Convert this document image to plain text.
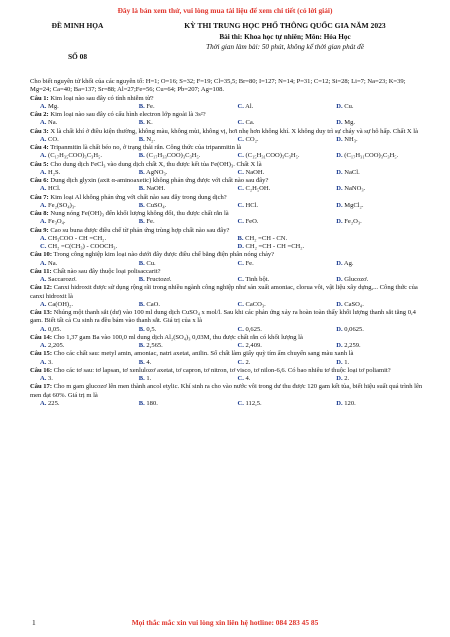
Đây là bản xem thử, vui lòng mua tài liệu để xem chi tiết (có lời giải)
ĐỀ MINH HỌA
SỐ 08
KỲ THI TRUNG HỌC PHỔ THÔNG QUỐC GIA NĂM 2023
Bài thi: Khoa học tự nhiên; Môn: Hóa Học
Thời gian làm bài: 50 phút, không kể thời gian phát đề

Cho biết nguyên tử khối của các nguyên tố: H=1; O=16; S=32; F=19; Cl=35,5; Br=80; I=127; N=14; P=31; C=12; Si=28; Li=7; Na=23; K=39; Mg=24; Ca=40; Ba=137; Sr=88; Al=27;Fe=56; Cu=64; Pb=207; Ag=108.

Câu 1: Kim loại nào sau đây có tính nhiễm từ?

A. Mg.	B. Fe.	C. Al.	D. Cu.

Câu 2: Kim loại nào sau đây có cấu hình electron lớp ngoài là 3s²?

A. Na.	B. K.	C. Ca.	D. Mg.

Câu 3: X là chất khí ở điều kiện thường, không màu, không mùi, không vị, hơi nhẹ hơn không khí. X không duy trì sự cháy và sự hô hấp. Chất X là

A. CO.	B. N₂.	C. CO₂.	D. NH₃.

Câu 4: Tripanmitin là chất béo no, ở trạng thái rắn. Công thức của tripanmitin là

A. (C₁₇H₃₅COO)₃C₃H₅.	B. (C₁₇H₃₃COO)₃C₃H₅.	C. (C₁₅H₃₁COO)₃C₃H₅.	D. (C₁₇H₃₁COO)₃C₃H₅.

Câu 5: Cho dung dịch FeCl₃ vào dung dịch chất X, thu được kết tủa Fe(OH)₃. Chất X là

A. H₂S.	B. AgNO₃.	C. NaOH.	D. NaCl.

Câu 6: Dung dịch glyxin (axit α-aminoaxetic) không phản ứng được với chất nào sau đây?

A. HCl.	B. NaOH.	C. C₂H₅OH.	D. NaNO₃.

Câu 7: Kim loại Al không phản ứng với chất nào sau đây trong dung dịch?

A. Fe₂(SO₄)₃.	B. CuSO₄.	C. HCl.	D. MgCl₂.

Câu 8: Nung nóng Fe(OH)₃ đến khối lượng không đổi, thu được chất rắn là

A. Fe₃O₄.	B. Fe.	C. FeO.	D. Fe₂O₃.

Câu 9: Cao su buna được điều chế từ phản ứng trùng hợp chất nào sau đây?

A. CH₃COO - CH =CH₂.	B. CH₂ =CH - CN.
C. CH₂ =C(CH₃) - COOCH₃.	D. CH₂ =CH - CH =CH₂.

Câu 10: Trong công nghiệp kim loại nào dưới đây được điều chế bằng điện phân nóng chảy?

A. Na.	B. Cu.	C. Fe.	D. Ag.

Câu 11: Chất nào sau đây thuộc loại polisaccarit?

A. Saccarozơ.	B. Fructozơ.	C. Tinh bột.	D. Glucozơ.

Câu 12: Canxi hidroxit được sử dụng rộng rãi trong nhiều ngành công nghiệp như sản xuất amoniac, clorua vôi, vật liệu xây dựng,... Công thức của canxi hidroxit là

A. Ca(OH)₂.	B. CaO.	C. CaCO₃.	D. CaSO₄.

Câu 13: Nhúng một thanh sắt (dư) vào 100 ml dung dịch CuSO₄ x mol/l. Sau khi các phản ứng xảy ra hoàn toàn thấy khối lượng thanh sắt tăng 0,4 gam. Biết tất cả Cu sinh ra đều bám vào thanh sắt. Giá trị của x là

A. 0,05.	B. 0,5.	C. 0,625.	D. 0,0625.

Câu 14: Cho 1,37 gam Ba vào 100,0 ml dung dịch Al₂(SO₄)₃ 0,03M, thu được chất rắn có khối lượng là

A. 2,205.	B. 2,565.	C. 2,409.	D. 2,259.

Câu 15: Cho các chất sau: metyl amin, amoniac, natri axetat, anilin. Số chất làm giấy quỳ tím ẩm chuyển sang màu xanh là

A. 3.	B. 4.	C. 2.	D. 1.

Câu 16: Cho các tơ sau: tơ lapsan, tơ xenlulozơ axetat, tơ capron, tơ nitron, tơ visco, tơ nilon-6,6. Có bao nhiêu tơ thuộc loại tơ poliamit?

A. 3.	B. 1.	C. 4.	D. 2.

Câu 17: Cho m gam glucozơ lên men thành ancol etylic. Khí sinh ra cho vào nước vôi trong dư thu được 120 gam kết tủa, biết hiệu suất quá trình lên men đạt 60%. Giá trị m là

A. 225.	B. 180.	C. 112,5.	D. 120.
1	Mọi thắc mắc xin vui lòng xin liên hệ hotline: 084 283 45 85
